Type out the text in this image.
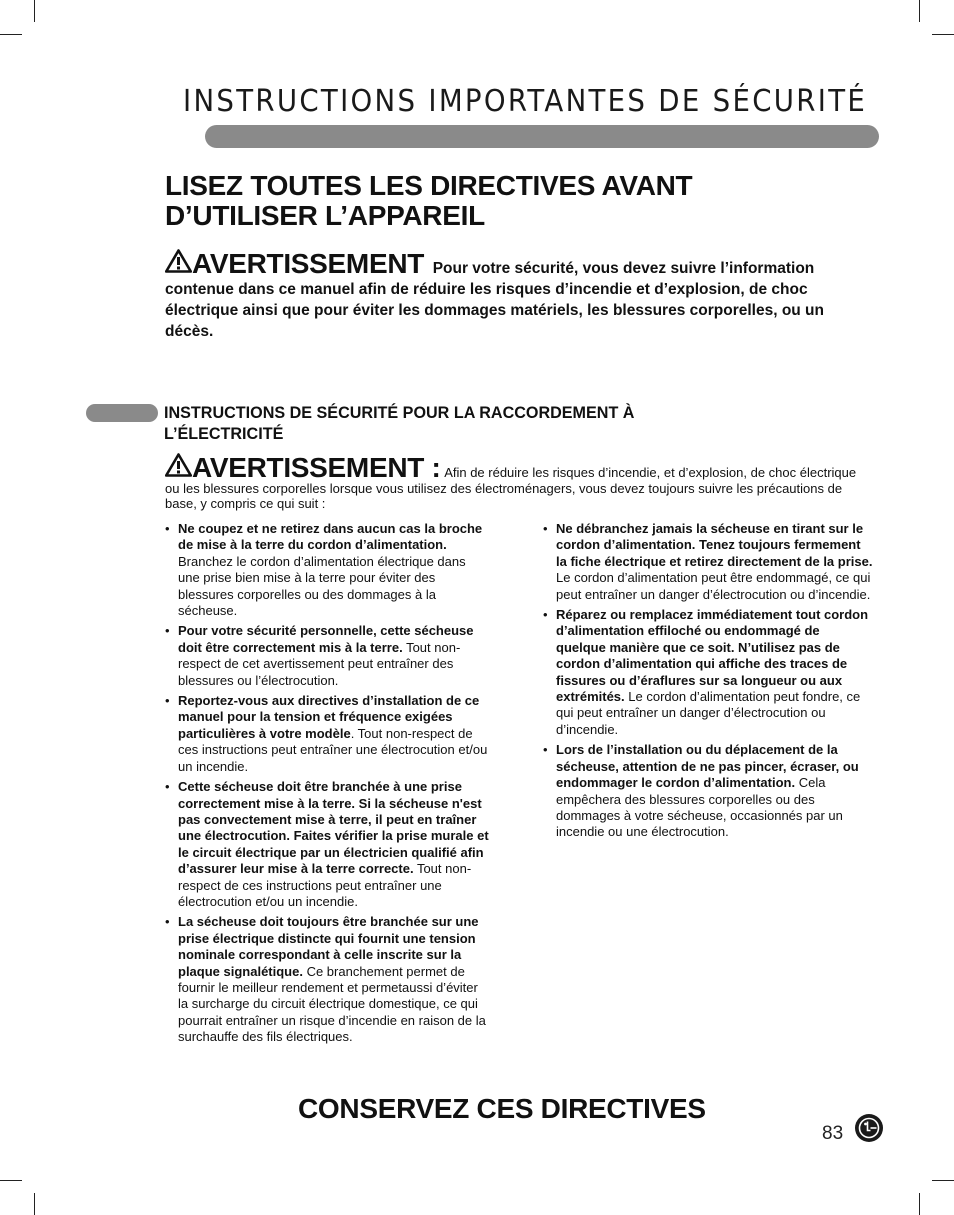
INSTRUCTIONS IMPORTANTES DE SÉCURITÉ
LISEZ TOUTES LES DIRECTIVES AVANT D’UTILISER L’APPAREIL

AVERTISSEMENT Pour votre sécurité, vous devez suivre l’information contenue dans ce manuel afin de réduire les risques d’incendie et d’explosion, de choc électrique ainsi que pour éviter les dommages matériels, les blessures corporelles, ou un décès.

INSTRUCTIONS DE SÉCURITÉ POUR LA RACCORDEMENT À L’ÉLECTRICITÉ

AVERTISSEMENT : Afin de réduire les risques d’incendie, et d’explosion, de choc électrique ou les blessures corporelles lorsque vous utilisez des électroménagers, vous devez toujours suivre les précautions de base, y compris ce qui suit :

• Ne coupez et ne retirez dans aucun cas la broche de mise à la terre du cordon d’alimentation. Branchez le cordon d’alimentation électrique dans une prise bien mise à la terre pour éviter des blessures corporelles ou des dommages à la sécheuse.
• Pour votre sécurité personnelle, cette sécheuse doit être correctement mis à la terre. Tout non-respect de cet avertissement peut entraîner des blessures ou l’électrocution.
• Reportez-vous aux directives d’installation de ce manuel pour la tension et fréquence exigées particulières à votre modèle. Tout non-respect de ces instructions peut entraîner une électrocution et/ou un incendie.
• Cette sécheuse doit être branchée à une prise correctement mise à la terre. Si la sécheuse n'est pas convectement mise à terre, il peut en traîner une électrocution. Faites vérifier la prise murale et le circuit électrique par un électricien qualifié afin d’assurer leur mise à la terre correcte. Tout non-respect de ces instructions peut entraîner une électrocution et/ou un incendie.
• La sécheuse doit toujours être branchée sur une prise électrique distincte qui fournit une tension nominale correspondant à celle inscrite sur la plaque signalétique. Ce branchement permet de fournir le meilleur rendement et permetaussi d’éviter la surcharge du circuit électrique domestique, ce qui pourrait entraîner un risque d’incendie en raison de la surchauffe des fils électriques.
• Ne débranchez jamais la sécheuse en tirant sur le cordon d’alimentation. Tenez toujours fermement la fiche électrique et retirez directement de la prise. Le cordon d’alimentation peut être endommagé, ce qui peut entraîner un danger d’électrocution ou d’incendie.
• Réparez ou remplacez immédiatement tout cordon d’alimentation effiloché ou endommagé de quelque manière que ce soit. N’utilisez pas de cordon d’alimentation qui affiche des traces de fissures ou d’éraflures sur sa longueur ou aux extrémités. Le cordon d’alimentation peut fondre, ce qui peut entraîner un danger d’électrocution ou d’incendie.
• Lors de l’installation ou du déplacement de la sécheuse, attention de ne pas pincer, écraser, ou endommager le cordon d’alimentation. Cela empêchera des blessures corporelles ou des dommages à votre sécheuse, occasionnés par un incendie ou une électrocution.
CONSERVEZ CES DIRECTIVES
83
